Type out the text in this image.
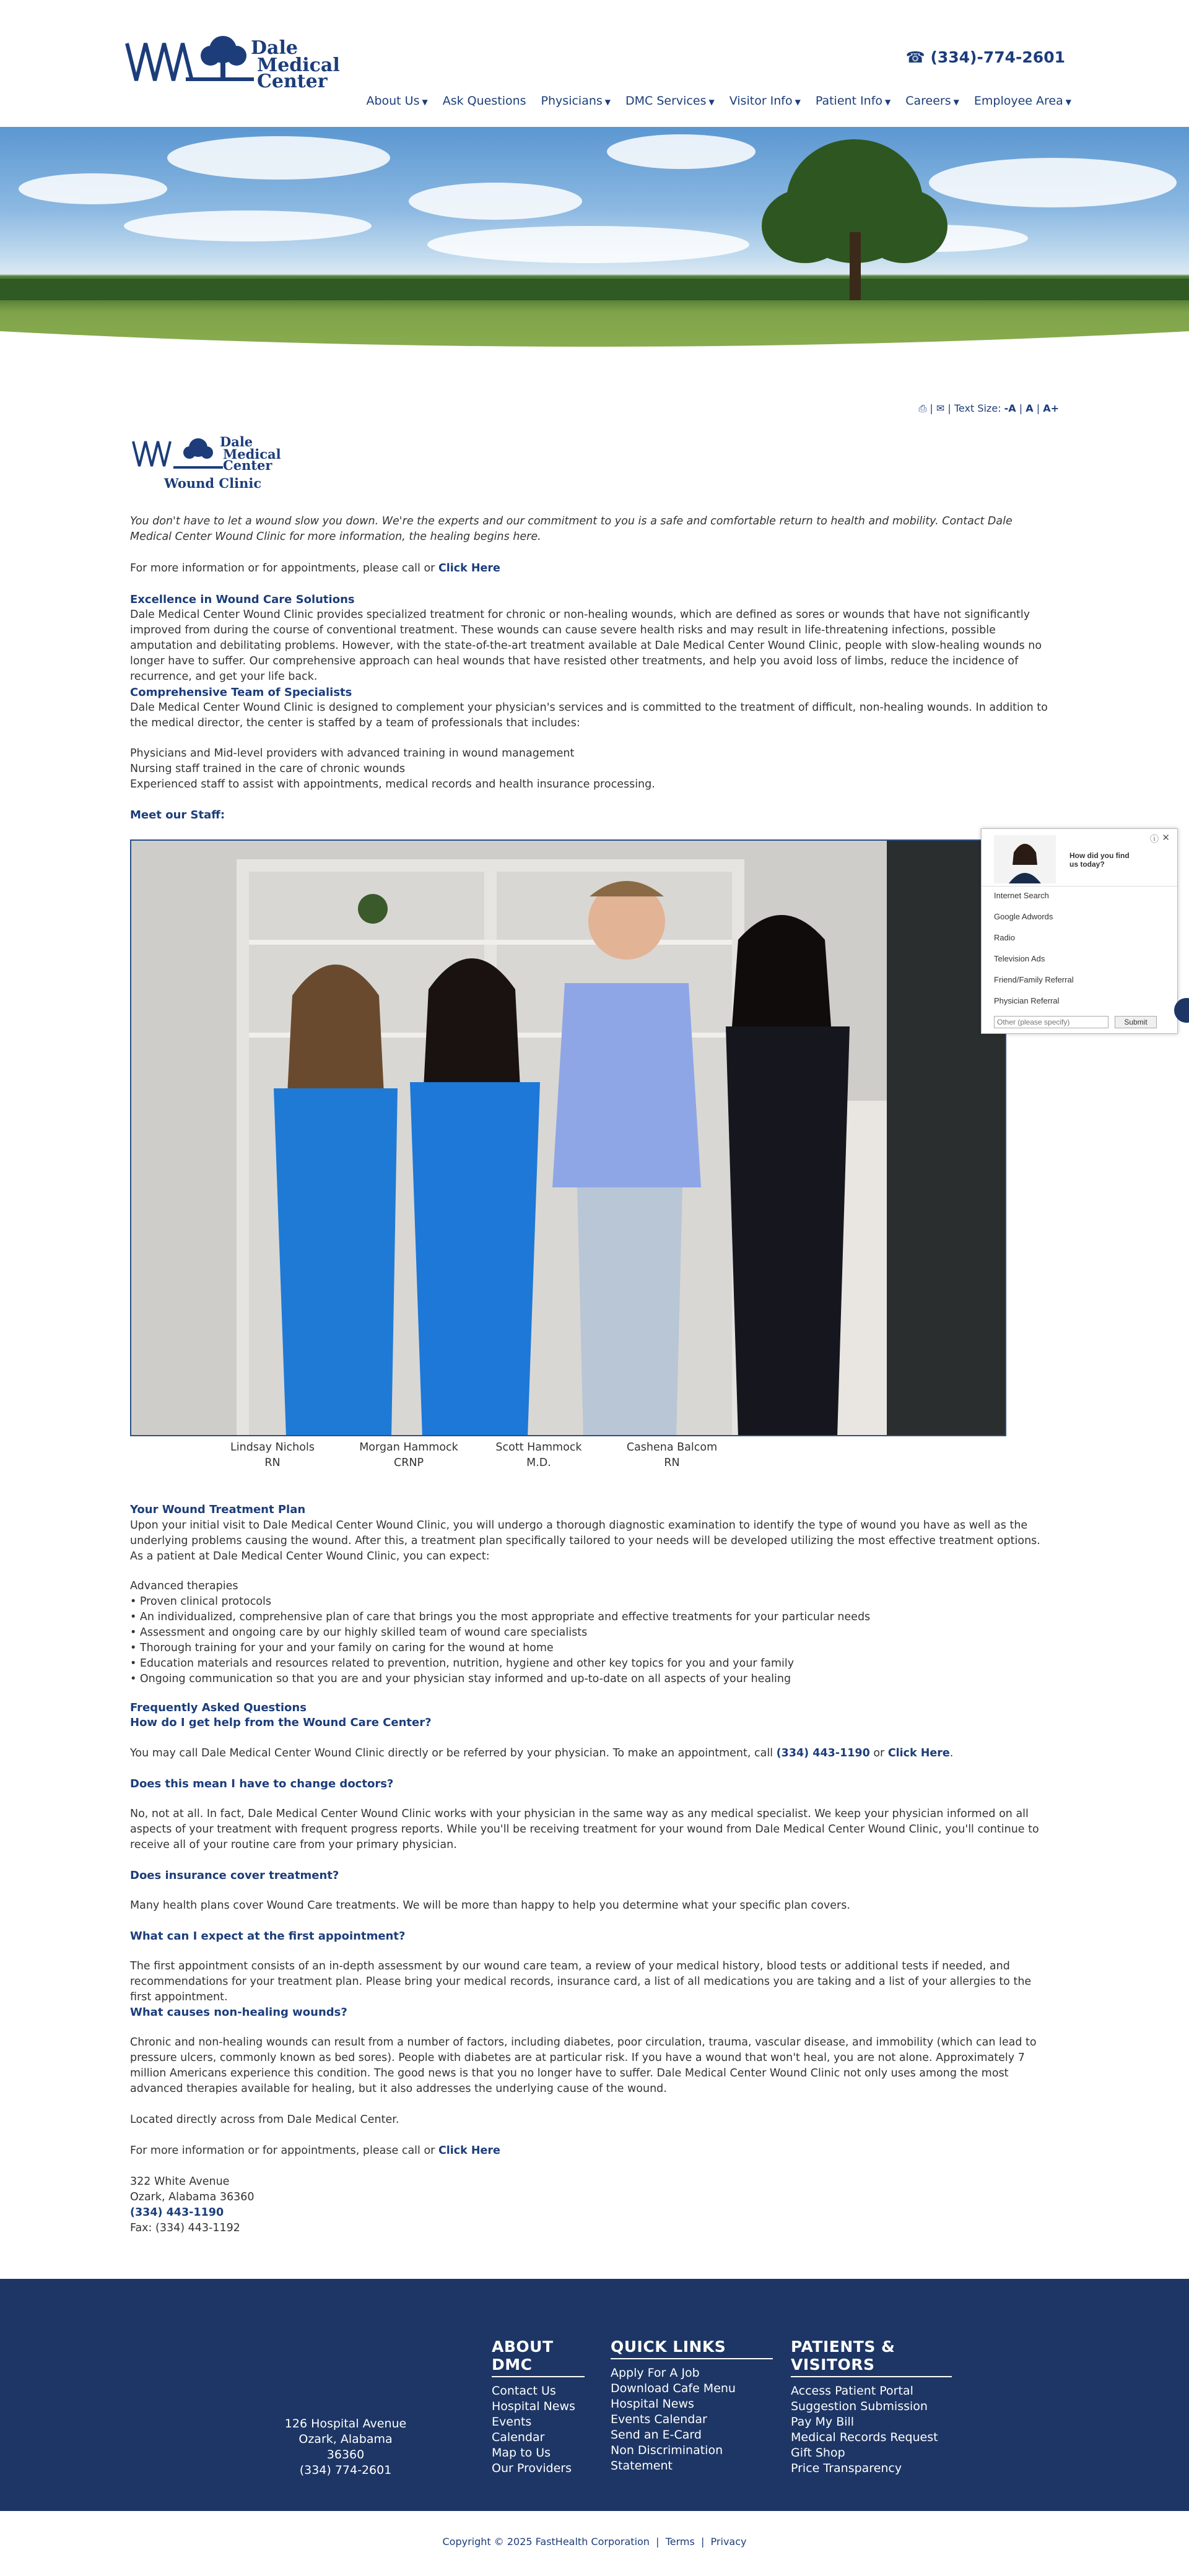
Dale
Medical
Center
☎ (334)-774-2601
About Us ▼ Ask Questions Physicians ▼ DMC Services ▼ Visitor Info ▼ Patient Info ▼ Careers ▼ Employee Area ▼
⎙ | ✉ | Text Size: -A | A | A+
Dale
Medical
Center
Wound Clinic
You don't have to let a wound slow you down. We're the experts and our commitment to you is a safe and comfortable return to health and mobility. Contact Dale Medical Center Wound Clinic for more information, the healing begins here.
For more information or for appointments, please call or Click Here
Excellence in Wound Care Solutions
Dale Medical Center Wound Clinic provides specialized treatment for chronic or non-healing wounds, which are defined as sores or wounds that have not significantly improved from during the course of conventional treatment. These wounds can cause severe health risks and may result in life-threatening infections, possible amputation and debilitating problems. However, with the state-of-the-art treatment available at Dale Medical Center Wound Clinic, people with slow-healing wounds no longer have to suffer. Our comprehensive approach can heal wounds that have resisted other treatments, and help you avoid loss of limbs, reduce the incidence of recurrence, and get your life back.
Comprehensive Team of Specialists
Dale Medical Center Wound Clinic is designed to complement your physician's services and is committed to the treatment of difficult, non-healing wounds. In addition to the medical director, the center is staffed by a team of professionals that includes:
Physicians and Mid-level providers with advanced training in wound management
Nursing staff trained in the care of chronic wounds
Experienced staff to assist with appointments, medical records and health insurance processing.
Meet our Staff:
Lindsay Nichols
RN
Morgan Hammock
CRNP
Scott Hammock
M.D.
Cashena Balcom
RN
Your Wound Treatment Plan
Upon your initial visit to Dale Medical Center Wound Clinic, you will undergo a thorough diagnostic examination to identify the type of wound you have as well as the underlying problems causing the wound. After this, a treatment plan specifically tailored to your needs will be developed utilizing the most effective treatment options. As a patient at Dale Medical Center Wound Clinic, you can expect:
Advanced therapies
• Proven clinical protocols
• An individualized, comprehensive plan of care that brings you the most appropriate and effective treatments for your particular needs
• Assessment and ongoing care by our highly skilled team of wound care specialists
• Thorough training for your and your family on caring for the wound at home
• Education materials and resources related to prevention, nutrition, hygiene and other key topics for you and your family
• Ongoing communication so that you are and your physician stay informed and up-to-date on all aspects of your healing
Frequently Asked Questions
How do I get help from the Wound Care Center?
You may call Dale Medical Center Wound Clinic directly or be referred by your physician. To make an appointment, call (334) 443-1190 or Click Here.
Does this mean I have to change doctors?
No, not at all. In fact, Dale Medical Center Wound Clinic works with your physician in the same way as any medical specialist. We keep your physician informed on all aspects of your treatment with frequent progress reports. While you'll be receiving treatment for your wound from Dale Medical Center Wound Clinic, you'll continue to receive all of your routine care from your primary physician.
Does insurance cover treatment?
Many health plans cover Wound Care treatments. We will be more than happy to help you determine what your specific plan covers.
What can I expect at the first appointment?
The first appointment consists of an in-depth assessment by our wound care team, a review of your medical history, blood tests or additional tests if needed, and recommendations for your treatment plan. Please bring your medical records, insurance card, a list of all medications you are taking and a list of your allergies to the first appointment.
What causes non-healing wounds?
Chronic and non-healing wounds can result from a number of factors, including diabetes, poor circulation, trauma, vascular disease, and immobility (which can lead to pressure ulcers, commonly known as bed sores). People with diabetes are at particular risk. If you have a wound that won't heal, you are not alone. Approximately 7 million Americans experience this condition. The good news is that you no longer have to suffer. Dale Medical Center Wound Clinic not only uses among the most advanced therapies available for healing, but it also addresses the underlying cause of the wound.
Located directly across from Dale Medical Center.
For more information or for appointments, please call or Click Here
322 White Avenue
Ozark, Alabama 36360
(334) 443-1190
Fax: (334) 443-1192
ⓘ ✕
How did you find us today?
Internet Search
Google Adwords
Radio
Television Ads
Friend/Family Referral
Physician Referral
Other (please specify)
Submit
126 Hospital Avenue
Ozark, Alabama 36360
(334) 774-2601
ABOUT DMC
Contact Us
Hospital News
Events Calendar
Map to Us
Our Providers
QUICK LINKS
Apply For A Job
Download Cafe Menu
Hospital News
Events Calendar
Send an E-Card
Non Discrimination Statement
PATIENTS & VISITORS
Access Patient Portal
Suggestion Submission
Pay My Bill
Medical Records Request
Gift Shop
Price Transparency
Copyright © 2025 FastHealth Corporation  |  Terms  |  Privacy
